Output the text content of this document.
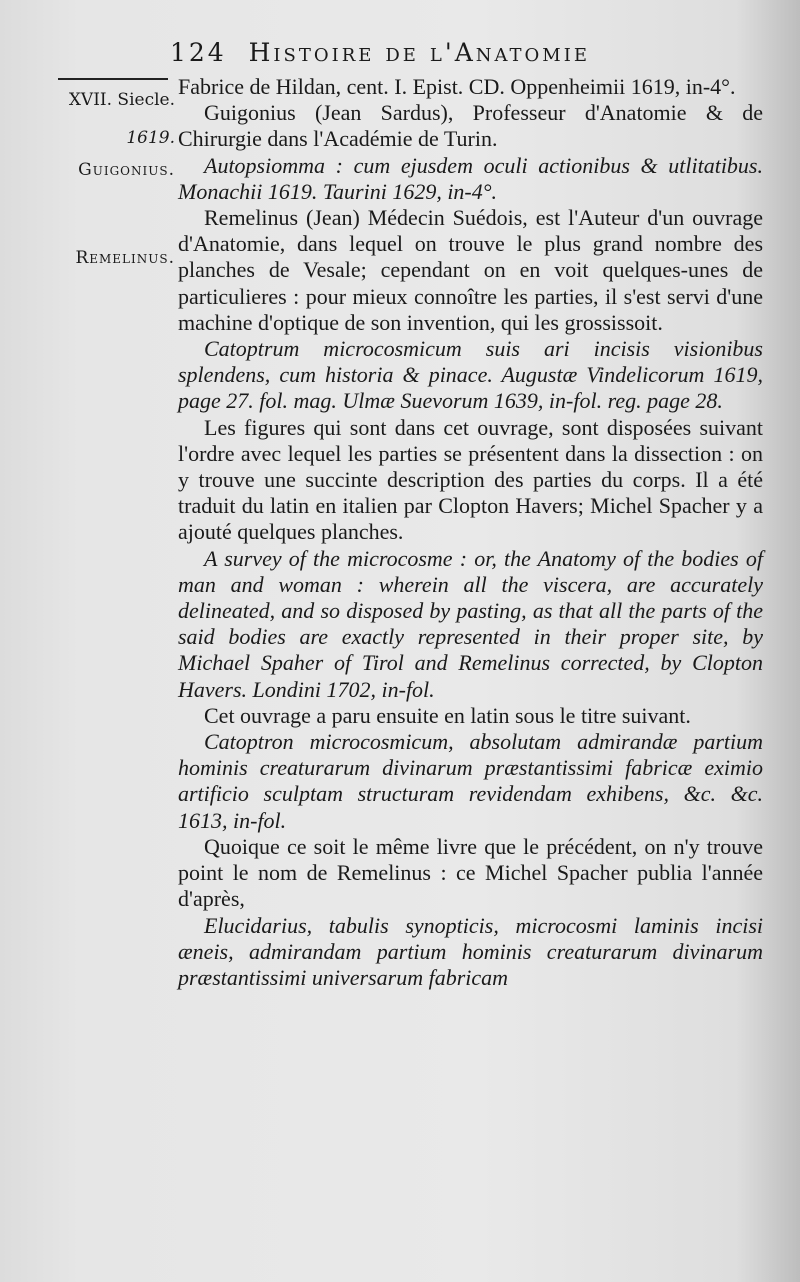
124 Histoire de l'Anatomie
XVII. Siecle.
1619.
Guigonius.
Remelinus.

Fabrice de Hildan, cent. I. Epist. CD. Oppenheimii 1619, in-4°.

Guigonius (Jean Sardus), Professeur d'Anatomie & de Chirurgie dans l'Académie de Turin.

Autopsiomma : cum ejusdem oculi actionibus & utlitatibus. Monachii 1619. Taurini 1629, in-4°.

Remelinus (Jean) Médecin Suédois, est l'Auteur d'un ouvrage d'Anatomie, dans lequel on trouve le plus grand nombre des planches de Vesale; cependant on en voit quelques-unes de particulieres : pour mieux connoître les parties, il s'est servi d'une machine d'optique de son invention, qui les grossissoit.

Catoptrum microcosmicum suis ari incisis visionibus splendens, cum historia & pinace. Augustæ Vindelicorum 1619, page 27. fol. mag. Ulmæ Suevorum 1639, in-fol. reg. page 28.

Les figures qui sont dans cet ouvrage, sont disposées suivant l'ordre avec lequel les parties se présentent dans la dissection : on y trouve une succinte description des parties du corps. Il a été traduit du latin en italien par Clopton Havers; Michel Spacher y a ajouté quelques planches.

A survey of the microcosme : or, the Anatomy of the bodies of man and woman : wherein all the viscera, are accurately delineated, and so disposed by pasting, as that all the parts of the said bodies are exactly represented in their proper site, by Michael Spaher of Tirol and Remelinus corrected, by Clopton Havers. Londini 1702, in-fol.

Cet ouvrage a paru ensuite en latin sous le titre suivant.

Catoptron microcosmicum, absolutam admirandæ partium hominis creaturarum divinarum præstantissimi fabricæ eximio artificio sculptam structuram revidendam exhibens, &c. &c. 1613, in-fol.

Quoique ce soit le même livre que le précédent, on n'y trouve point le nom de Remelinus : ce Michel Spacher publia l'année d'après,

Elucidarius, tabulis synopticis, microcosmi laminis incisi æneis, admirandam partium hominis creaturarum divinarum præstantissimi universarum fabricam
